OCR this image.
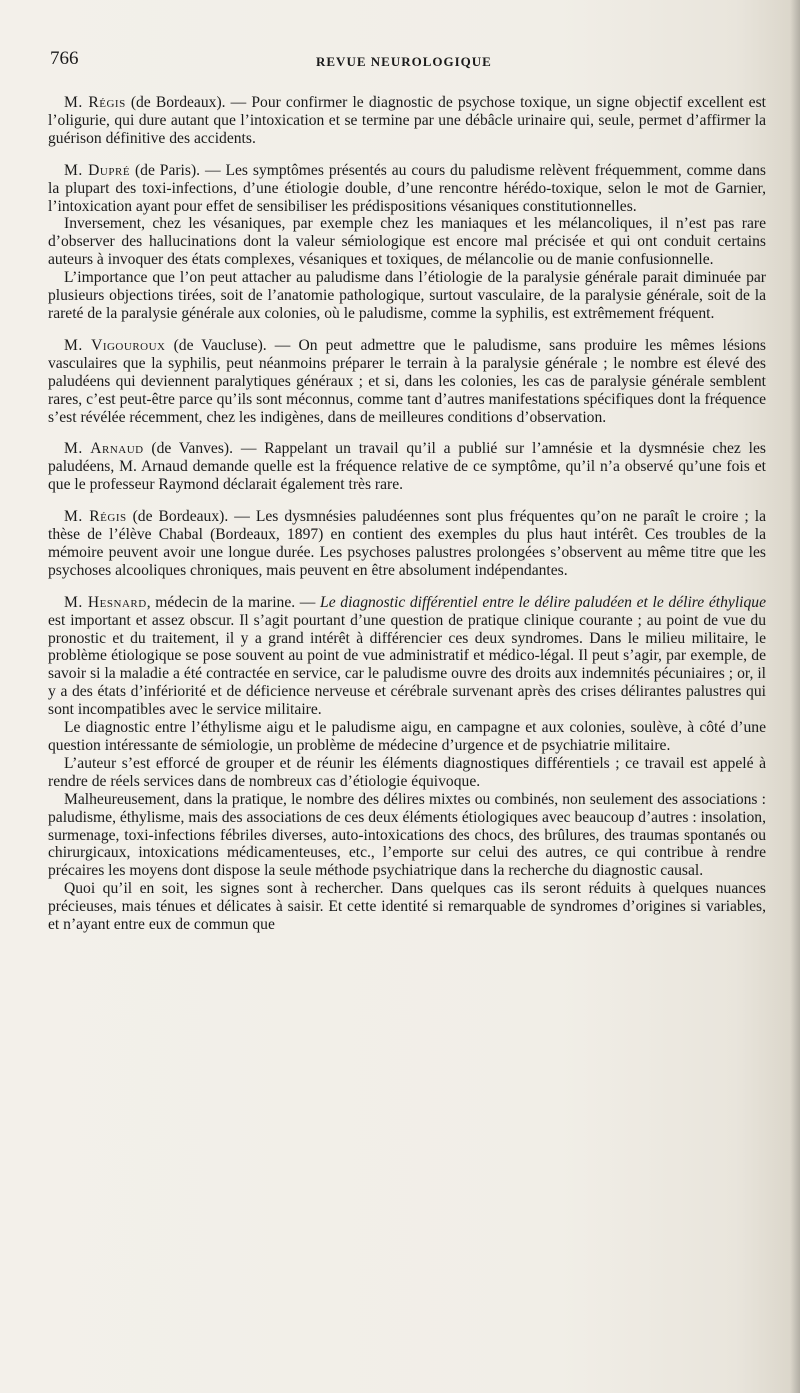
766	REVUE NEUROLOGIQUE

M. Régis (de Bordeaux). — Pour confirmer le diagnostic de psychose toxique, un signe objectif excellent est l’oligurie, qui dure autant que l’intoxication et se termine par une débâcle urinaire qui, seule, permet d’affirmer la guérison définitive des accidents.

M. Dupré (de Paris). — Les symptômes présentés au cours du paludisme relèvent fréquemment, comme dans la plupart des toxi-infections, d’une étiologie double, d’une rencontre hérédo-toxique, selon le mot de Garnier, l’intoxication ayant pour effet de sensibiliser les prédispositions vésaniques constitutionnelles.

Inversement, chez les vésaniques, par exemple chez les maniaques et les mélancoliques, il n’est pas rare d’observer des hallucinations dont la valeur sémiologique est encore mal précisée et qui ont conduit certains auteurs à invoquer des états complexes, vésaniques et toxiques, de mélancolie ou de manie confusionnelle.

L’importance que l’on peut attacher au paludisme dans l’étiologie de la paralysie générale parait diminuée par plusieurs objections tirées, soit de l’anatomie pathologique, surtout vasculaire, de la paralysie générale, soit de la rareté de la paralysie générale aux colonies, où le paludisme, comme la syphilis, est extrêmement fréquent.

M. Vigouroux (de Vaucluse). — On peut admettre que le paludisme, sans produire les mêmes lésions vasculaires que la syphilis, peut néanmoins préparer le terrain à la paralysie générale ; le nombre est élevé des paludéens qui deviennent paralytiques généraux ; et si, dans les colonies, les cas de paralysie générale semblent rares, c’est peut-être parce qu’ils sont méconnus, comme tant d’autres manifestations spécifiques dont la fréquence s’est révélée récemment, chez les indigènes, dans de meilleures conditions d’observation.

M. Arnaud (de Vanves). — Rappelant un travail qu’il a publié sur l’amnésie et la dysmnésie chez les paludéens, M. Arnaud demande quelle est la fréquence relative de ce symptôme, qu’il n’a observé qu’une fois et que le professeur Raymond déclarait également très rare.

M. Régis (de Bordeaux). — Les dysmnésies paludéennes sont plus fréquentes qu’on ne paraît le croire ; la thèse de l’élève Chabal (Bordeaux, 1897) en contient des exemples du plus haut intérêt. Ces troubles de la mémoire peuvent avoir une longue durée. Les psychoses palustres prolongées s’observent au même titre que les psychoses alcooliques chroniques, mais peuvent en être absolument indépendantes.

M. Hesnard, médecin de la marine. — Le diagnostic différentiel entre le délire paludéen et le délire éthylique est important et assez obscur. Il s’agit pourtant d’une question de pratique clinique courante ; au point de vue du pronostic et du traitement, il y a grand intérêt à différencier ces deux syndromes. Dans le milieu militaire, le problème étiologique se pose souvent au point de vue administratif et médico-légal. Il peut s’agir, par exemple, de savoir si la maladie a été contractée en service, car le paludisme ouvre des droits aux indemnités pécuniaires ; or, il y a des états d’infériorité et de déficience nerveuse et cérébrale survenant après des crises délirantes palustres qui sont incompatibles avec le service militaire.

Le diagnostic entre l’éthylisme aigu et le paludisme aigu, en campagne et aux colonies, soulève, à côté d’une question intéressante de sémiologie, un problème de médecine d’urgence et de psychiatrie militaire.

L’auteur s’est efforcé de grouper et de réunir les éléments diagnostiques différentiels ; ce travail est appelé à rendre de réels services dans de nombreux cas d’étiologie équivoque.

Malheureusement, dans la pratique, le nombre des délires mixtes ou combinés, non seulement des associations : paludisme, éthylisme, mais des associations de ces deux éléments étiologiques avec beaucoup d’autres : insolation, surmenage, toxi-infections fébriles diverses, auto-intoxications des chocs, des brûlures, des traumas spontanés ou chirurgicaux, intoxications médicamenteuses, etc., l’emporte sur celui des autres, ce qui contribue à rendre précaires les moyens dont dispose la seule méthode psychiatrique dans la recherche du diagnostic causal.

Quoi qu’il en soit, les signes sont à rechercher. Dans quelques cas ils seront réduits à quelques nuances précieuses, mais ténues et délicates à saisir. Et cette identité si remarquable de syndromes d’origines si variables, et n’ayant entre eux de commun que
